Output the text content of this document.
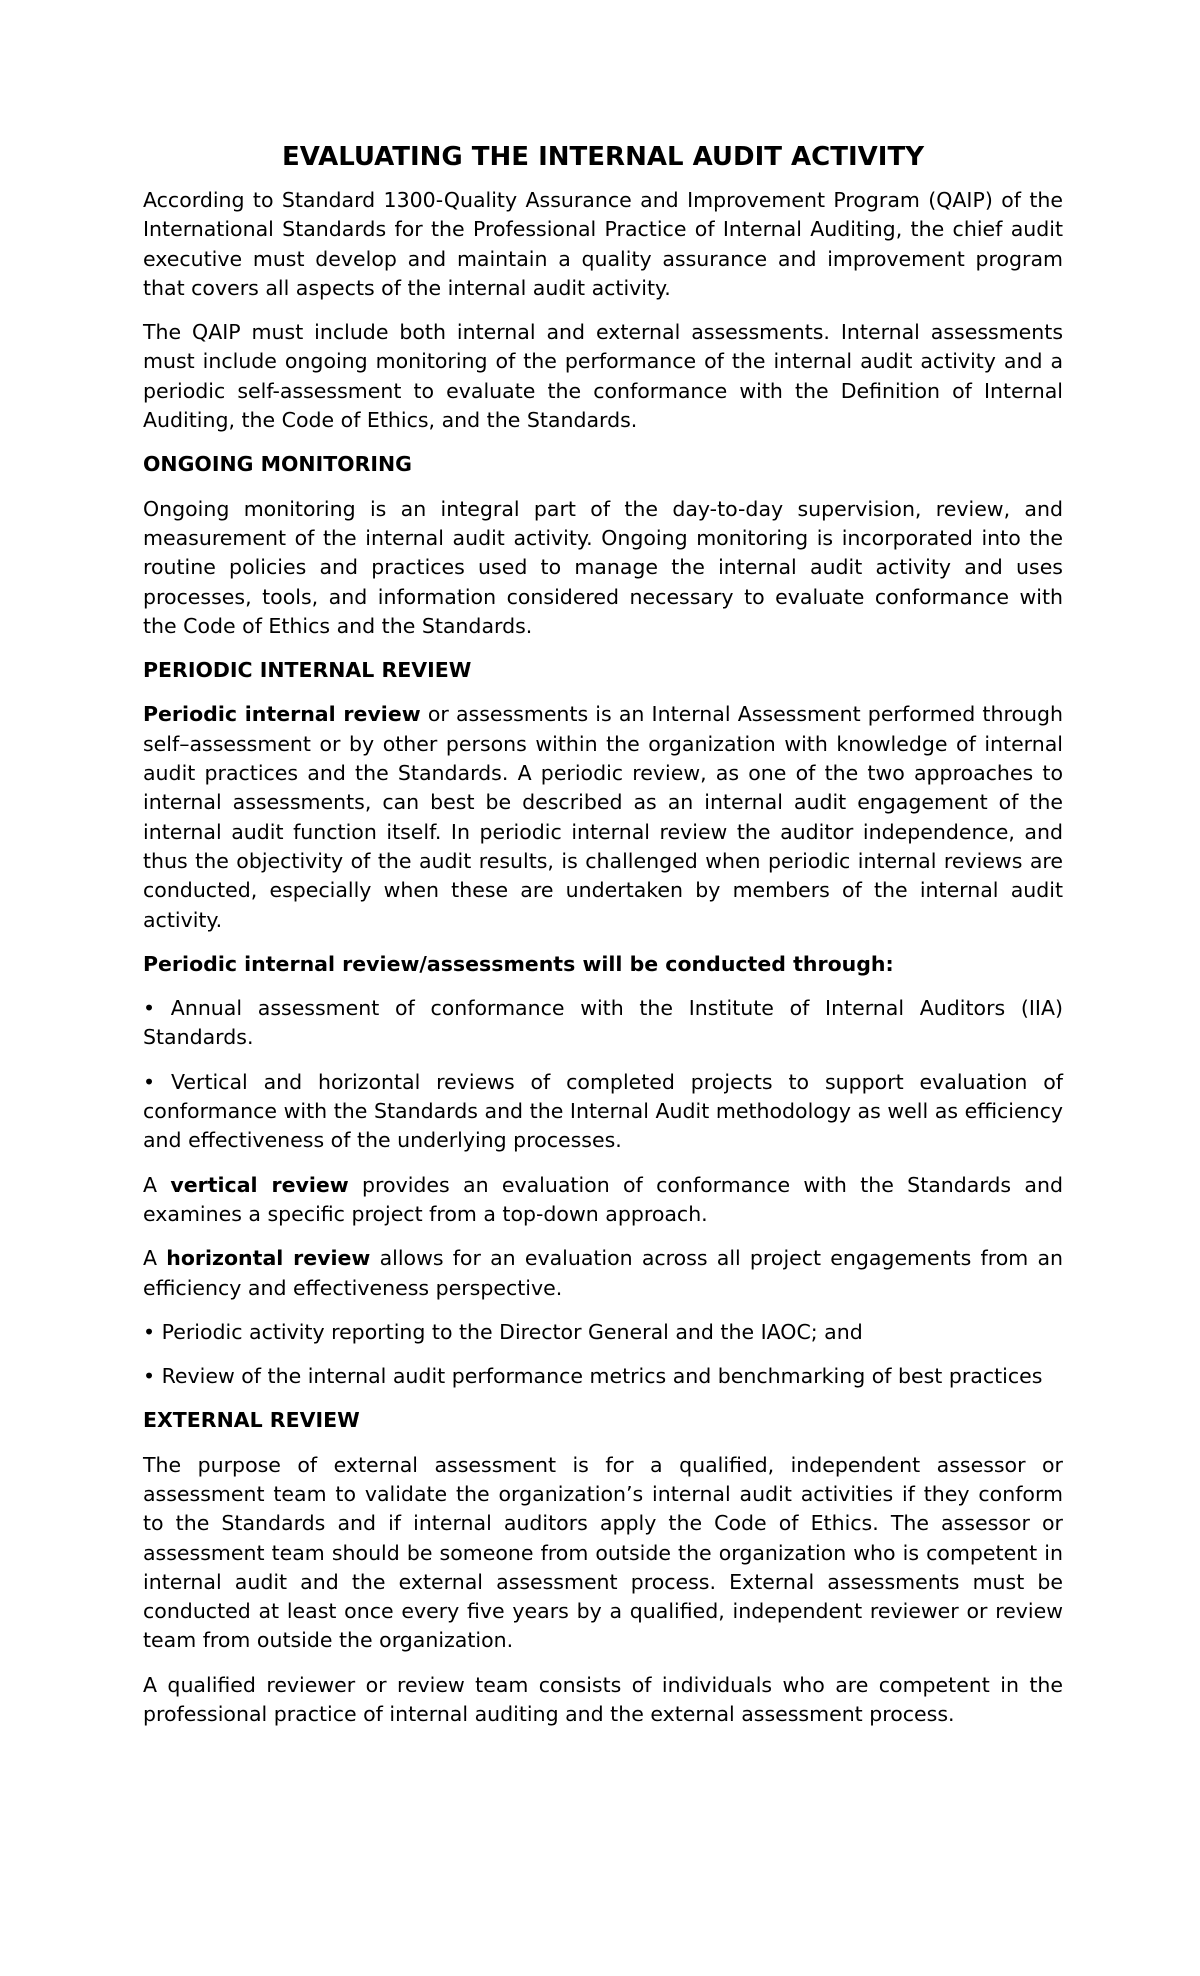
EVALUATING THE INTERNAL AUDIT ACTIVITY

According to Standard 1300-Quality Assurance and Improvement Program (QAIP) of the International Standards for the Professional Practice of Internal Auditing, the chief audit executive must develop and maintain a quality assurance and improvement program that covers all aspects of the internal audit activity.

The QAIP must include both internal and external assessments. Internal assessments must include ongoing monitoring of the performance of the internal audit activity and a periodic self-assessment to evaluate the conformance with the Definition of Internal Auditing, the Code of Ethics, and the Standards.

ONGOING MONITORING

Ongoing monitoring is an integral part of the day-to-day supervision, review, and measurement of the internal audit activity. Ongoing monitoring is incorporated into the routine policies and practices used to manage the internal audit activity and uses processes, tools, and information considered necessary to evaluate conformance with the Code of Ethics and the Standards.

PERIODIC INTERNAL REVIEW

Periodic internal review or assessments is an Internal Assessment performed through self–assessment or by other persons within the organization with knowledge of internal audit practices and the Standards. A periodic review, as one of the two approaches to internal assessments, can best be described as an internal audit engagement of the internal audit function itself. In periodic internal review the auditor independence, and thus the objectivity of the audit results, is challenged when periodic internal reviews are conducted, especially when these are undertaken by members of the internal audit activity.

Periodic internal review/assessments will be conducted through:

• Annual assessment of conformance with the Institute of Internal Auditors (IIA) Standards.

• Vertical and horizontal reviews of completed projects to support evaluation of conformance with the Standards and the Internal Audit methodology as well as efficiency and effectiveness of the underlying processes.

A vertical review provides an evaluation of conformance with the Standards and examines a specific project from a top-down approach.

A horizontal review allows for an evaluation across all project engagements from an efficiency and effectiveness perspective.

• Periodic activity reporting to the Director General and the IAOC; and

• Review of the internal audit performance metrics and benchmarking of best practices

EXTERNAL REVIEW

The purpose of external assessment is for a qualified, independent assessor or assessment team to validate the organization’s internal audit activities if they conform to the Standards and if internal auditors apply the Code of Ethics. The assessor or assessment team should be someone from outside the organization who is competent in internal audit and the external assessment process. External assessments must be conducted at least once every five years by a qualified, independent reviewer or review team from outside the organization.

A qualified reviewer or review team consists of individuals who are competent in the professional practice of internal auditing and the external assessment process.
